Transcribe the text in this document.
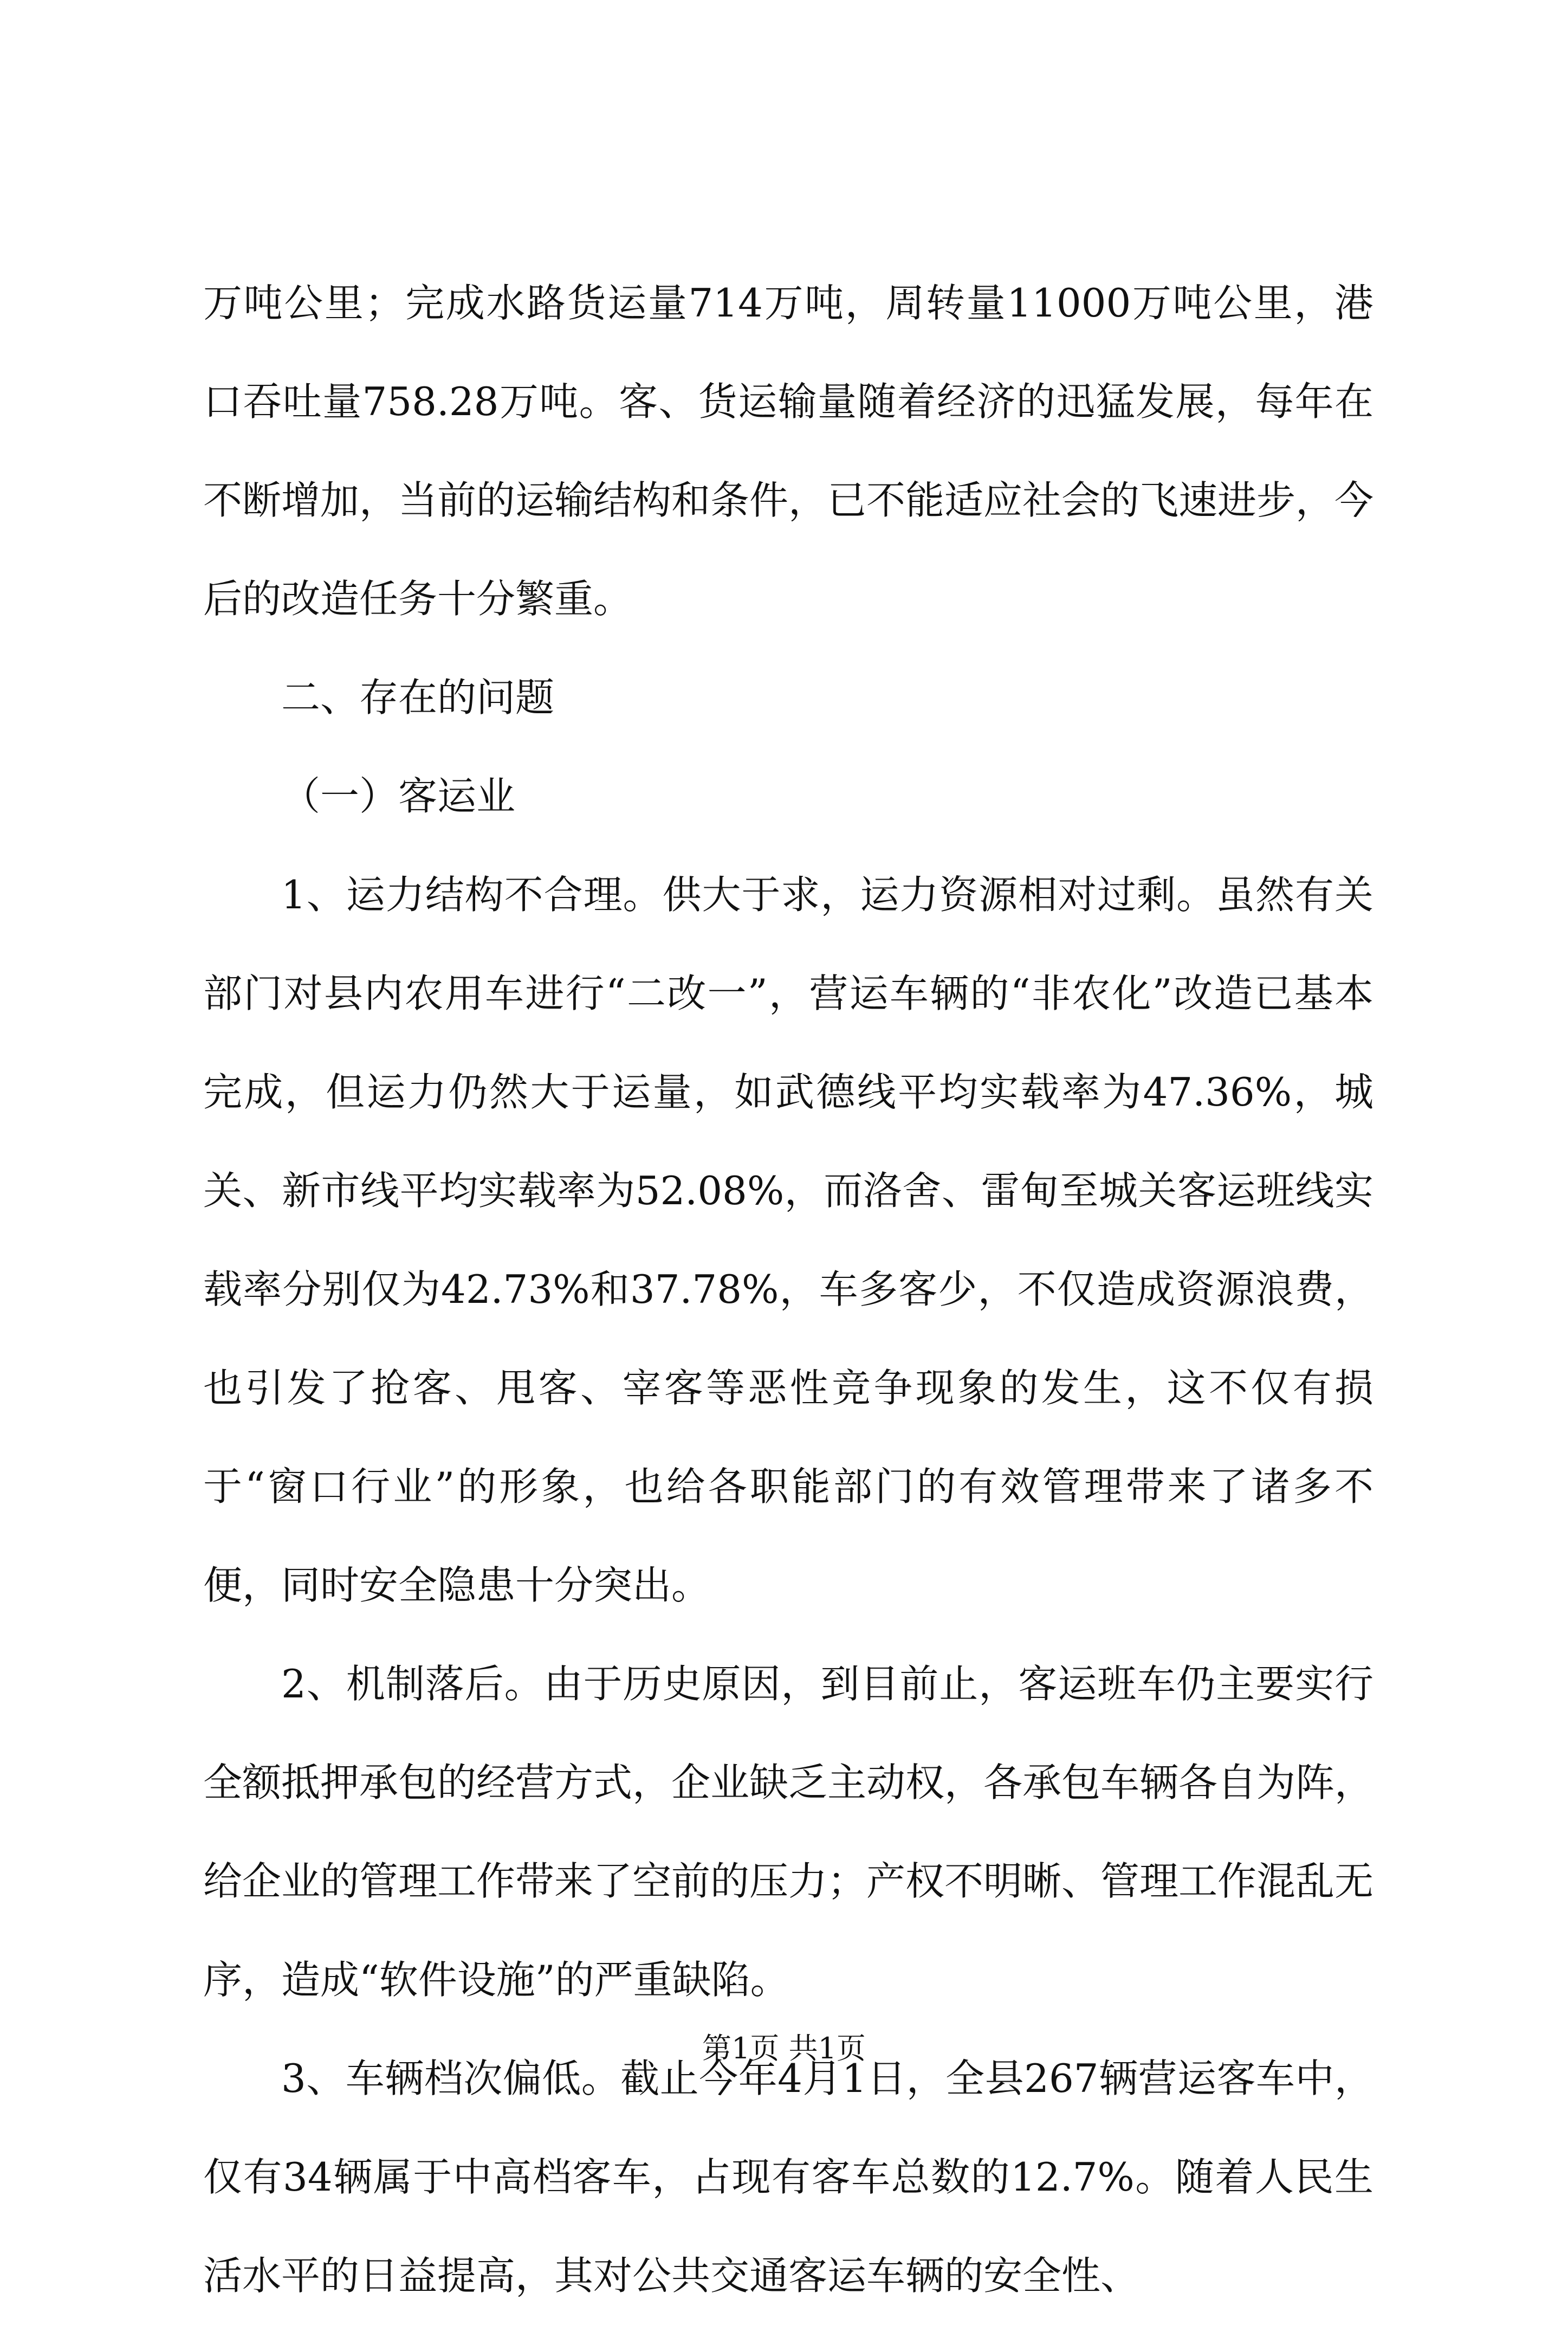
万吨公里；完成水路货运量714万吨，周转量11000万吨公里，港口吞吐量758.28万吨。客、货运输量随着经济的迅猛发展，每年在不断增加，当前的运输结构和条件，已不能适应社会的飞速进步，今后的改造任务十分繁重。

二、存在的问题

（一）客运业

1、运力结构不合理。供大于求，运力资源相对过剩。虽然有关部门对县内农用车进行“二改一”，营运车辆的“非农化”改造已基本完成，但运力仍然大于运量，如武德线平均实载率为47.36%，城关、新市线平均实载率为52.08%，而洛舍、雷甸至城关客运班线实载率分别仅为42.73%和37.78%，车多客少，不仅造成资源浪费，也引发了抢客、甩客、宰客等恶性竞争现象的发生，这不仅有损于“窗口行业”的形象，也给各职能部门的有效管理带来了诸多不便，同时安全隐患十分突出。

2、机制落后。由于历史原因，到目前止，客运班车仍主要实行全额抵押承包的经营方式，企业缺乏主动权，各承包车辆各自为阵，给企业的管理工作带来了空前的压力；产权不明晰、管理工作混乱无序，造成“软件设施”的严重缺陷。

3、车辆档次偏低。截止今年4月1日，全县267辆营运客车中，仅有34辆属于中高档客车，占现有客车总数的12.7%。随着人民生活水平的日益提高，其对公共交通客运车辆的安全性、

第1页 共1页
